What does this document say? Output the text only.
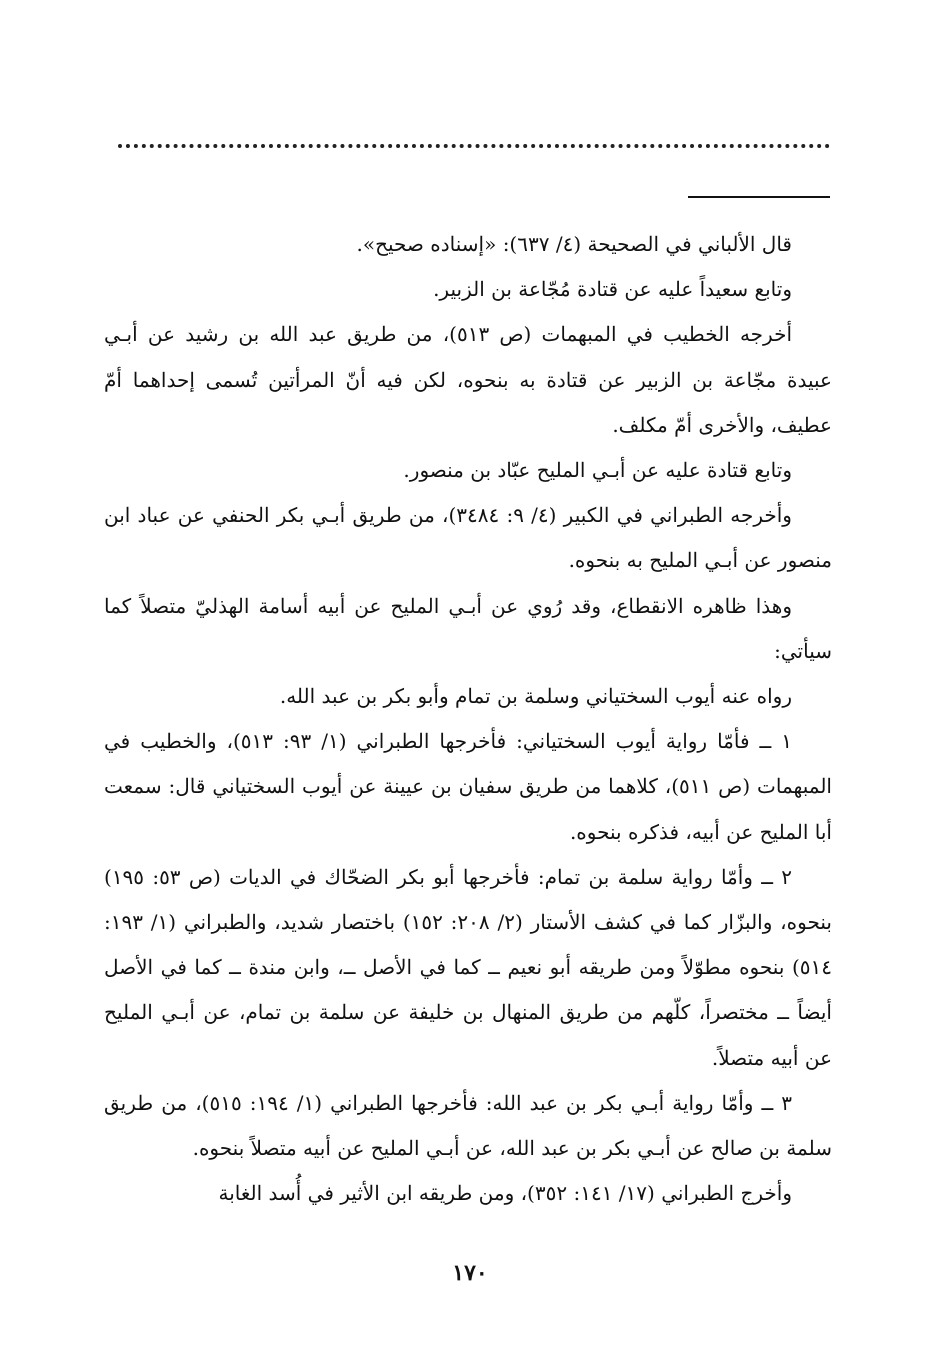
قال الألباني في الصحيحة (٤/ ٦٣٧): «إسناده صحيح».

وتابع سعيداً عليه عن قتادة مُجّاعة بن الزبير.

أخرجه الخطيب في المبهمات (ص ٥١٣)، من طريق عبد الله بن رشيد عن أبـي عبيدة مجّاعة بن الزبير عن قتادة به بنحوه، لكن فيه أنّ المرأتين تُسمى إحداهما أمّ عطيف، والأخرى أمّ مكلف.

وتابع قتادة عليه عن أبـي المليح عبّاد بن منصور.

وأخرجه الطبراني في الكبير (٤/ ٩: ٣٤٨٤)، من طريق أبـي بكر الحنفي عن عباد ابن منصور عن أبـي المليح به بنحوه.

وهذا ظاهره الانقطاع، وقد رُوي عن أبـي المليح عن أبيه أسامة الهذليّ متصلاً كما سيأتي:

رواه عنه أيوب السختياني وسلمة بن تمام وأبو بكر بن عبد الله.

١ ــ فأمّا رواية أيوب السختياني: فأخرجها الطبراني (١/ ٩٣: ٥١٣)، والخطيب في المبهمات (ص ٥١١)، كلاهما من طريق سفيان بن عيينة عن أيوب السختياني قال: سمعت أبا المليح عن أبيه، فذكره بنحوه.

٢ ــ وأمّا رواية سلمة بن تمام: فأخرجها أبو بكر الضحّاك في الديات (ص ٥٣: ١٩٥) بنحوه، والبزّار كما في كشف الأستار (٢/ ٢٠٨: ١٥٢) باختصار شديد، والطبراني (١/ ١٩٣: ٥١٤) بنحوه مطوّلاً ومن طريقه أبو نعيم ــ كما في الأصل ــ، وابن مندة ــ كما في الأصل أيضاً ــ مختصراً، كلّهم من طريق المنهال بن خليفة عن سلمة بن تمام، عن أبـي المليح عن أبيه متصلاً.

٣ ــ وأمّا رواية أبـي بكر بن عبد الله: فأخرجها الطبراني (١/ ١٩٤: ٥١٥)، من طريق سلمة بن صالح عن أبـي بكر بن عبد الله، عن أبـي المليح عن أبيه متصلاً بنحوه.

وأخرج الطبراني (١٧/ ١٤١: ٣٥٢)، ومن طريقه ابن الأثير في أُسد الغابة

١٧٠
